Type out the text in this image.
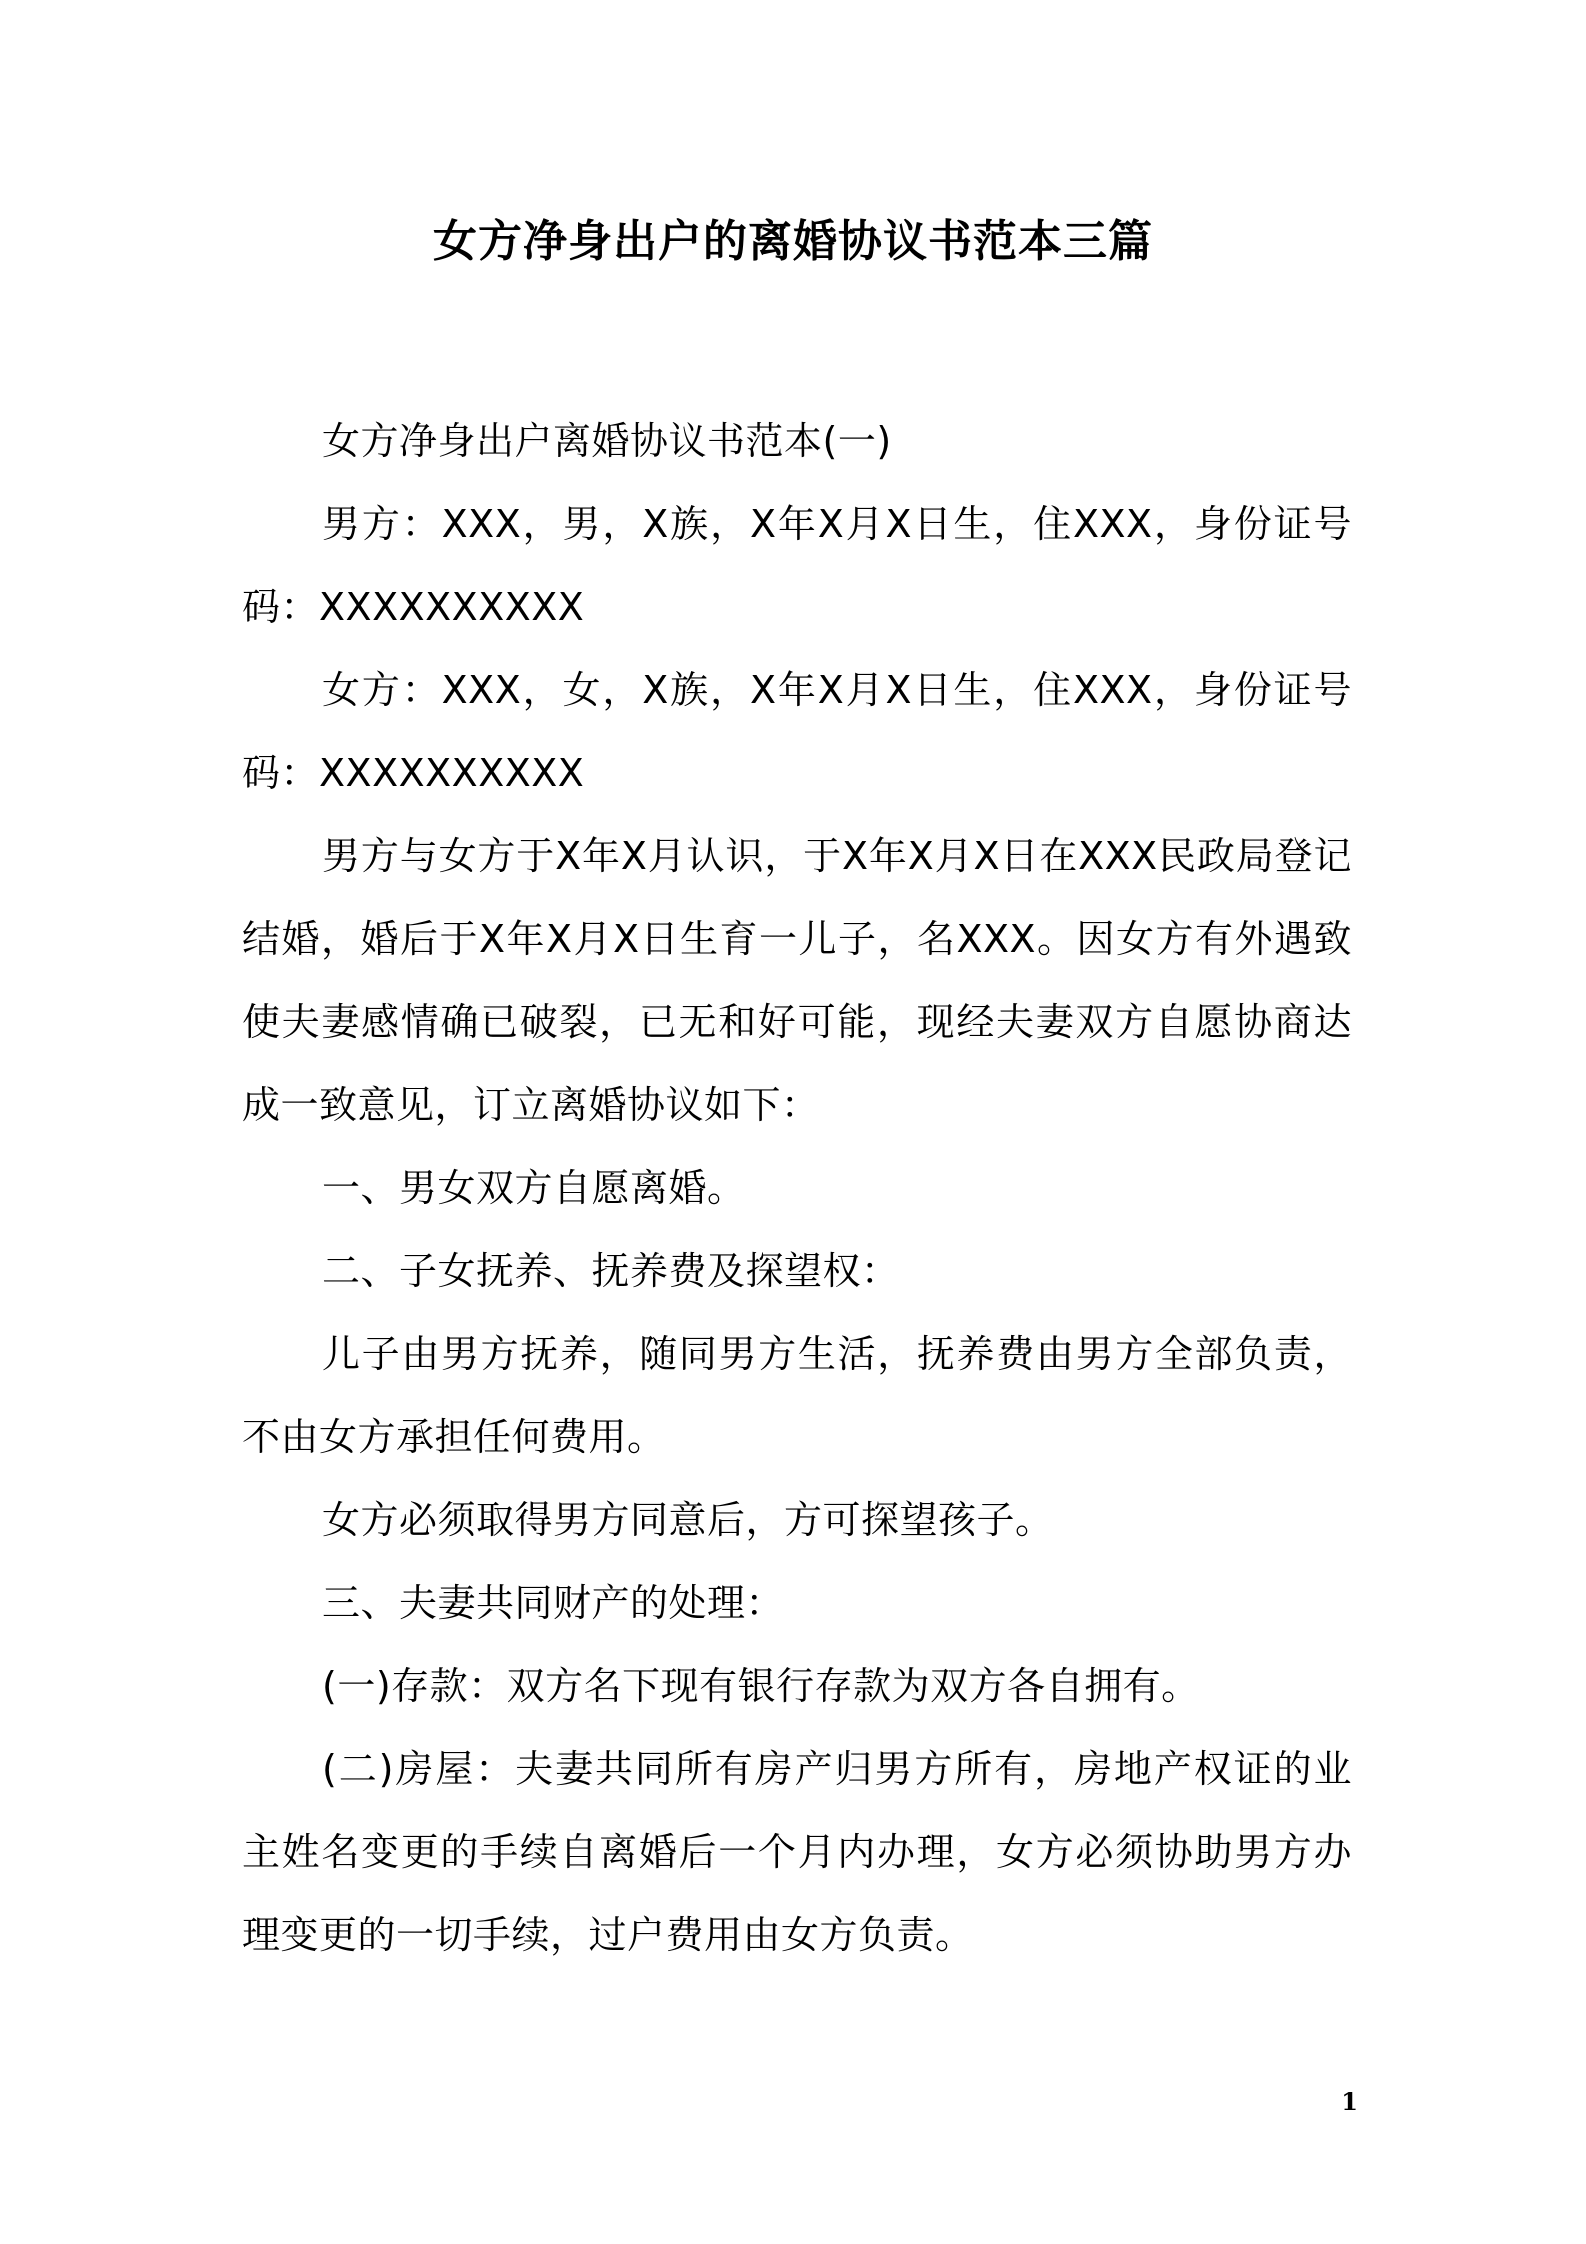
女方净身出户的离婚协议书范本三篇

女方净身出户离婚协议书范本(一)

男方：XXX，男，X族，X年X月X日生，住XXX，身份证号码：XXXXXXXXXX

女方：XXX，女，X族，X年X月X日生，住XXX，身份证号码：XXXXXXXXXX

男方与女方于X年X月认识，于X年X月X日在XXX民政局登记结婚，婚后于X年X月X日生育一儿子，名XXX。因女方有外遇致使夫妻感情确已破裂，已无和好可能，现经夫妻双方自愿协商达成一致意见，订立离婚协议如下：

一、男女双方自愿离婚。

二、子女抚养、抚养费及探望权：

儿子由男方抚养，随同男方生活，抚养费由男方全部负责，不由女方承担任何费用。

女方必须取得男方同意后，方可探望孩子。

三、夫妻共同财产的处理：

(一)存款：双方名下现有银行存款为双方各自拥有。

(二)房屋：夫妻共同所有房产归男方所有，房地产权证的业主姓名变更的手续自离婚后一个月内办理，女方必须协助男方办理变更的一切手续，过户费用由女方负责。

1
